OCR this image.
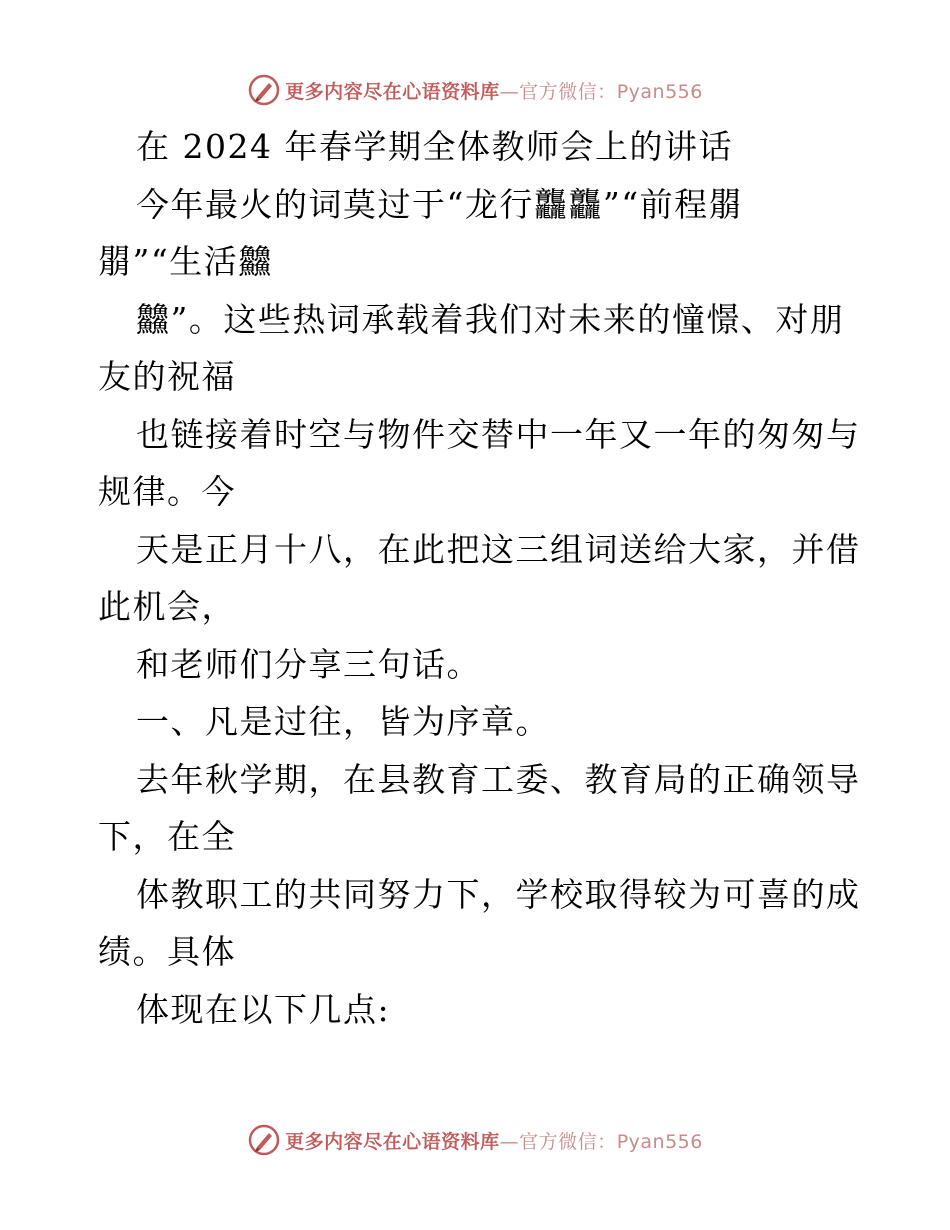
更多内容尽在心语资料库—官方微信：Pyan556
在 2024 年春学期全体教师会上的讲话
今年最火的词莫过于“龙行龘龘”“前程朤
朤”“生活䲜
䲜”。这些热词承载着我们对未来的憧憬、对朋
友的祝福
也链接着时空与物件交替中一年又一年的匆匆与
规律。今
天是正月十八，在此把这三组词送给大家，并借
此机会，
和老师们分享三句话。
一、凡是过往，皆为序章。
去年秋学期，在县教育工委、教育局的正确领导
下，在全
体教职工的共同努力下，学校取得较为可喜的成
绩。具体
体现在以下几点:
更多内容尽在心语资料库—官方微信：Pyan556
